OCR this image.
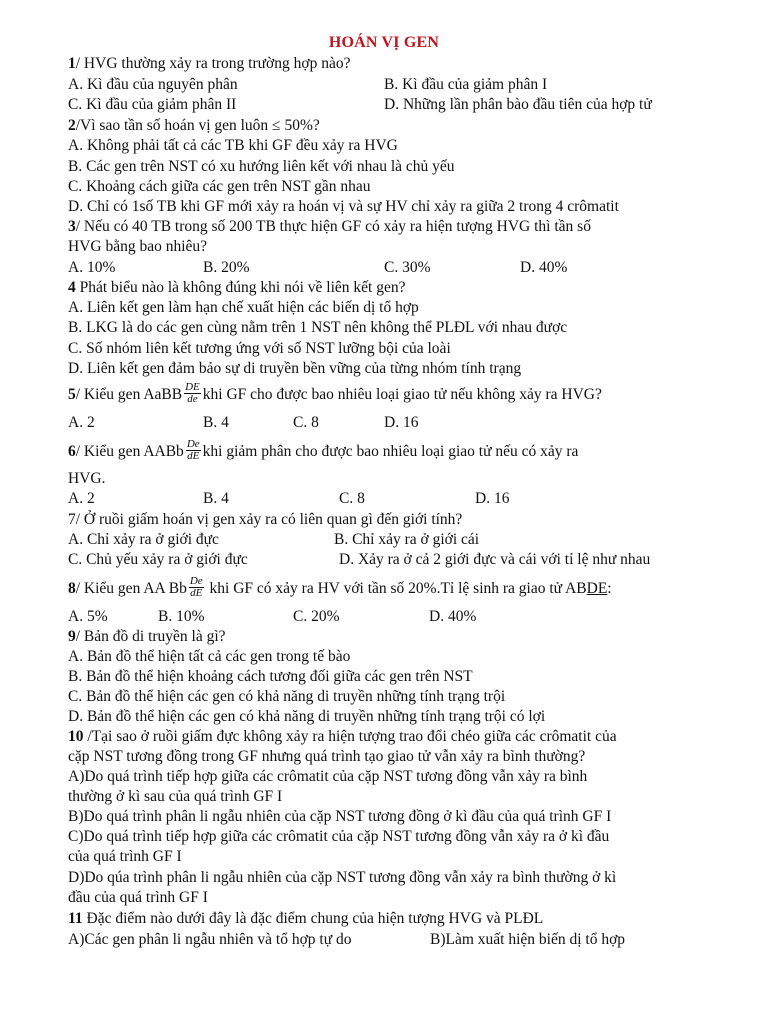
HOÁN VỊ GEN
1/ HVG thường xảy ra trong trường hợp nào?
A. Kì đầu của nguyên phân	B. Kì đầu của giảm phân I
C. Kì đầu của giảm phân II	D. Những lần phân bào đầu tiên của hợp tử
2/Vì sao tần số hoán vị gen luôn ≤ 50%?
A. Không phải tất cả các TB khi GF đều xảy ra HVG
B. Các gen trên NST có xu hướng liên kết với nhau là chủ yếu
C. Khoảng cách giữa các gen trên NST gần nhau
D. Chỉ có 1số TB khi GF mới xảy ra hoán vị và sự HV chỉ xảy ra giữa 2 trong 4 crômatit
3/ Nếu có 40 TB trong số 200 TB thực hiện GF có xảy ra hiện tượng HVG thì tần số
HVG bằng bao nhiêu?
A. 10%	B. 20%	C. 30%	D. 40%
4 Phát biểu nào là không đúng khi nói về liên kết gen?
A. Liên kết gen làm hạn chế xuất hiện các biến dị tổ hợp
B. LKG là do các gen cùng nằm trên 1 NST nên không thể PLĐL với nhau được
C. Số nhóm liên kết tương ứng với số NST lưỡng bội của loài
D. Liên kết gen đảm bảo sự di truyền bền vững của từng nhóm tính trạng
5/ Kiểu gen AaBB $\frac{DE}{de}$ khi GF cho được bao nhiêu loại giao tử nếu không xảy ra HVG?
A. 2	B. 4	C. 8	D. 16
6/ Kiểu gen AABb $\frac{De}{dE}$ khi giảm phân cho được bao nhiêu loại giao tử nếu có xảy ra
HVG.
A. 2	B. 4	C. 8	D. 16
7/ Ở ruồi giấm hoán vị gen xảy ra có liên quan gì đến giới tính?
A. Chỉ xảy ra ở giới đực	B. Chỉ xảy ra ở giới cái
C. Chủ yếu xảy ra ở giới đực	D. Xảy ra ở cả 2 giới đực và cái với tỉ lệ như nhau
8/ Kiểu gen AA Bb $\frac{De}{dE}$ khi GF có xảy ra HV với tần số 20%.Tỉ lệ sinh ra giao tử ABDE:
A. 5%	B. 10%	C. 20%	D. 40%
9/ Bản đồ di truyền là gì?
A. Bản đồ thể hiện tất cả các gen trong tế bào
B. Bản đồ thể hiện khoảng cách tương đối giữa các gen trên NST
C. Bản đồ thể hiện các gen có khả năng di truyền những tính trạng trội
D. Bản đồ thể hiện các gen có khả năng di truyền những tính trạng trội có lợi
10 /Tại sao ở ruồi giấm đực không xảy ra hiện tượng trao đổi chéo giữa các crômatit của
cặp NST tương đồng trong GF nhưng quá trình tạo giao tử vẫn xảy ra bình thường?
A)Do quá trình tiếp hợp giữa các crômatit của cặp NST tương đồng vẫn xảy ra bình
thường ở kì sau của quá trình GF I
B)Do quá trình phân li ngẫu nhiên của cặp NST tương đồng ở kì đầu của quá trình GF I
C)Do quá trình tiếp hợp giữa các crômatit của cặp NST tương đồng vẫn xảy ra ở kì đầu
của quá trình GF I
D)Do qúa trình phân li ngẫu nhiên của cặp NST tương đồng vẫn xảy ra bình thường ở kì
đầu của quá trình GF I
11 Đặc điểm nào dưới đây là đặc điểm chung của hiện tượng HVG và PLĐL
A)Các gen phân li ngẫu nhiên và tổ hợp tự do	B)Làm xuất hiện biến dị tổ hợp
